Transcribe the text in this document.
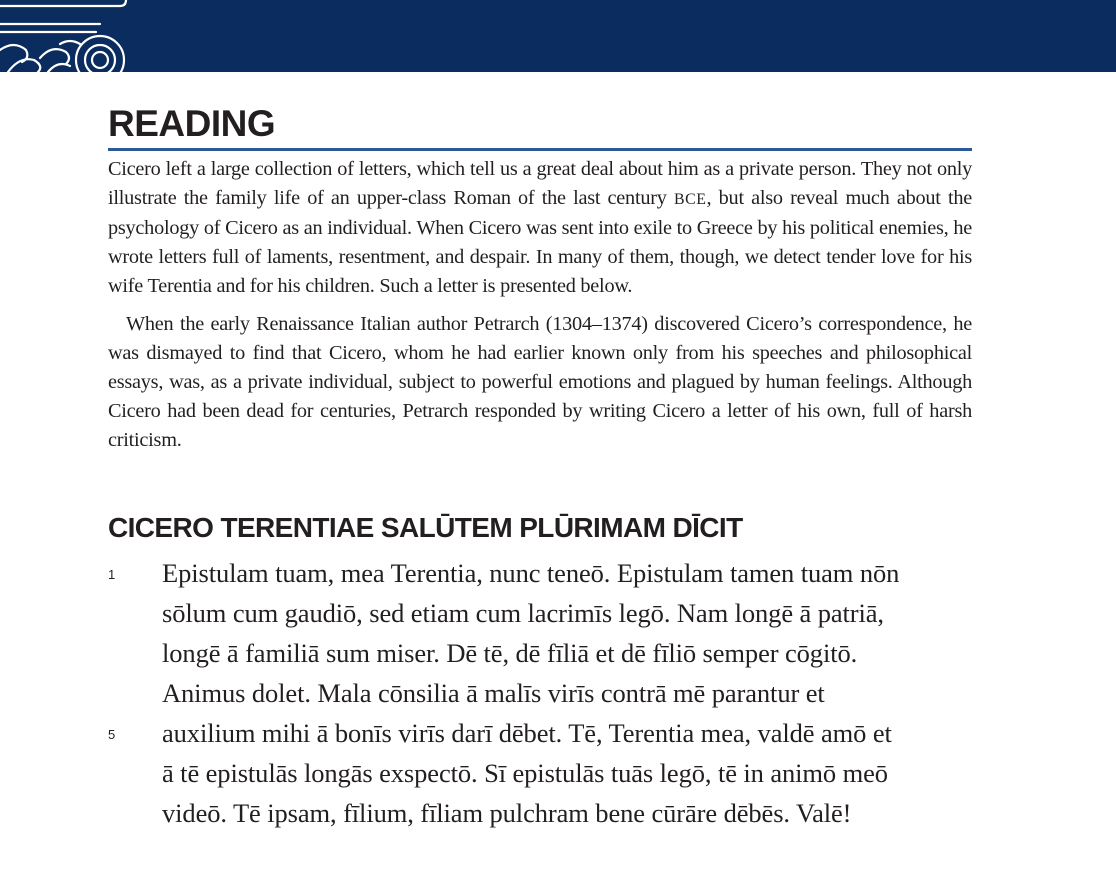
READING

Cicero left a large collection of letters, which tell us a great deal about him as a private person. They not only illustrate the family life of an upper-class Roman of the last century BCE, but also reveal much about the psychology of Cicero as an individual. When Cicero was sent into exile to Greece by his political enemies, he wrote letters full of laments, resentment, and despair. In many of them, though, we detect tender love for his wife Terentia and for his children. Such a letter is presented below.

When the early Renaissance Italian author Petrarch (1304–1374) discovered Cicero’s correspondence, he was dismayed to find that Cicero, whom he had earlier known only from his speeches and philosophical essays, was, as a private individual, subject to powerful emotions and plagued by human feelings. Although Cicero had been dead for centuries, Petrarch responded by writing Cicero a letter of his own, full of harsh criticism.

CICERO TERENTIAE SALŪTEM PLŪRIMAM DĪCIT
1 Epistulam tuam, mea Terentia, nunc teneō. Epistulam tamen tuam nōn
sōlum cum gaudiō, sed etiam cum lacrimīs legō. Nam longē ā patriā,
longē ā familiā sum miser. Dē tē, dē fīliā et dē fīliō semper cōgitō.
Animus dolet. Mala cōnsilia ā malīs virīs contrā mē parantur et
5 auxilium mihi ā bonīs virīs darī dēbet. Tē, Terentia mea, valdē amō et
ā tē epistulās longās exspectō. Sī epistulās tuās legō, tē in animō meō
videō. Tē ipsam, fīlium, fīliam pulchram bene cūrāre dēbēs. Valē!
